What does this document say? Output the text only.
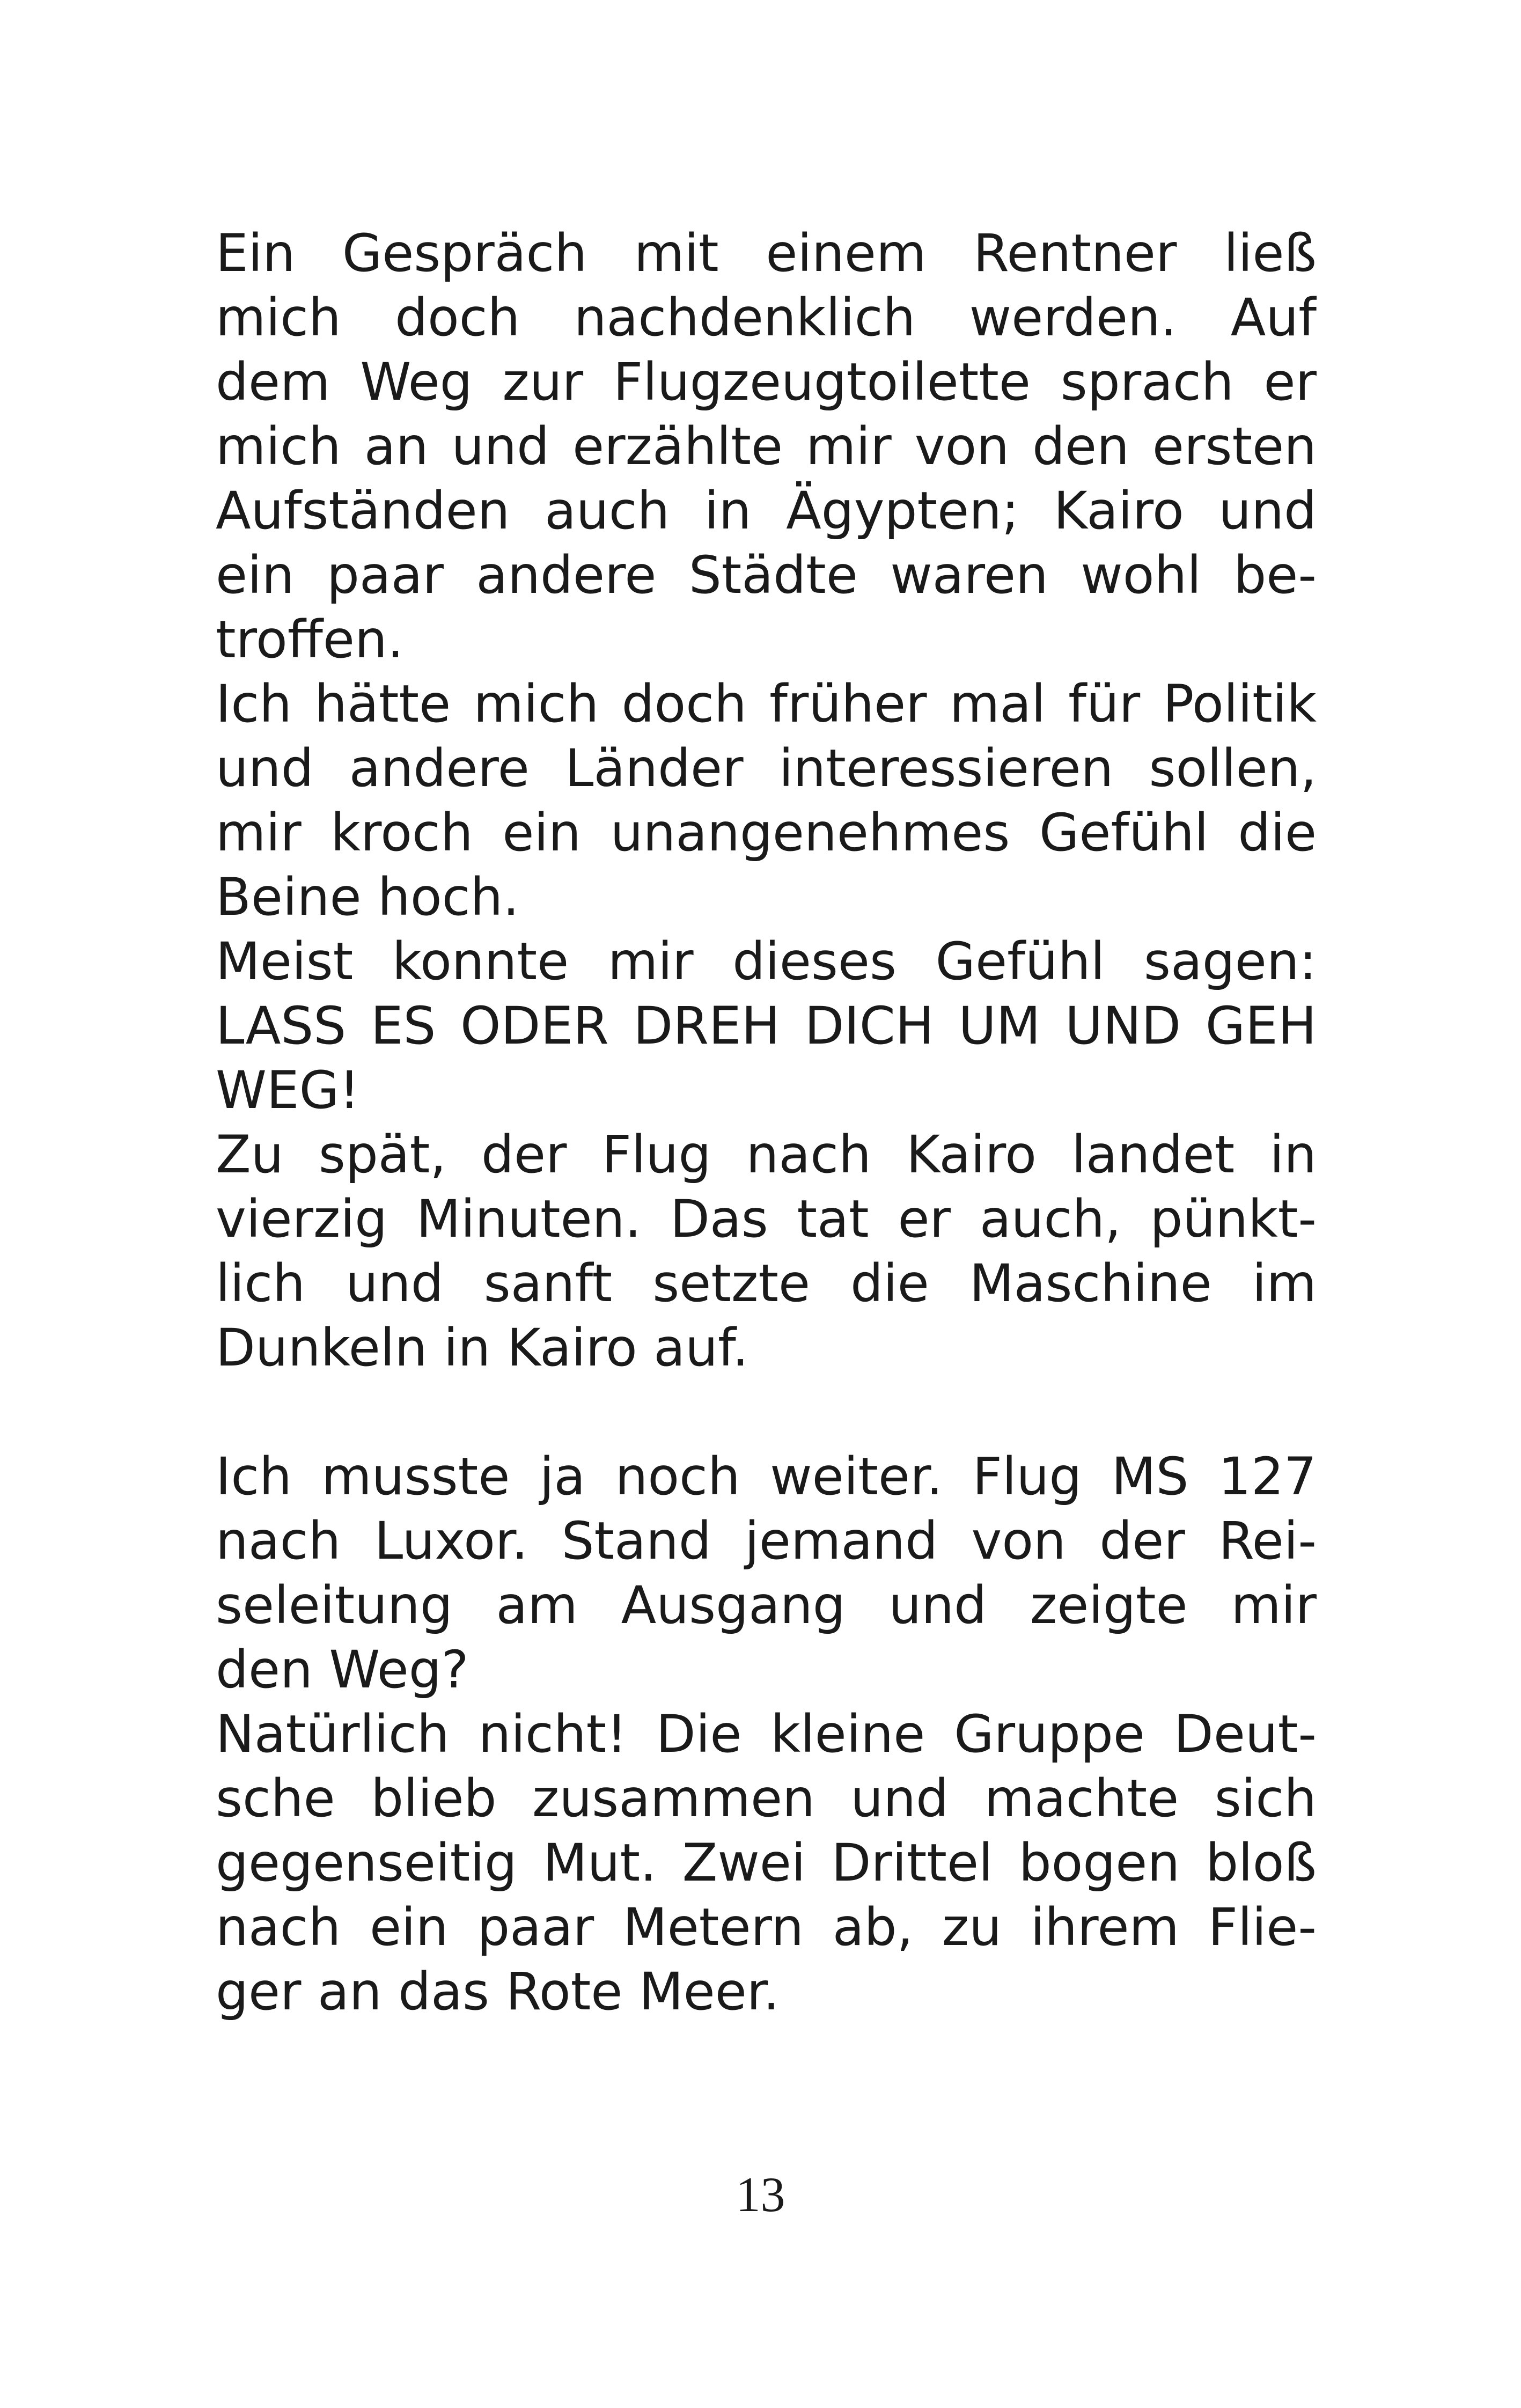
Ein Gespräch mit einem Rentner ließ
mich doch nachdenklich werden. Auf
dem Weg zur Flugzeugtoilette sprach er
mich an und erzählte mir von den ersten
Aufständen auch in Ägypten; Kairo und
ein paar andere Städte waren wohl be-
troffen.
Ich hätte mich doch früher mal für Politik
und andere Länder interessieren sollen,
mir kroch ein unangenehmes Gefühl die
Beine hoch.
Meist konnte mir dieses Gefühl sagen:
LASS ES ODER DREH DICH UM UND GEH
WEG!
Zu spät, der Flug nach Kairo landet in
vierzig Minuten. Das tat er auch, pünkt-
lich und sanft setzte die Maschine im
Dunkeln in Kairo auf.
Ich musste ja noch weiter. Flug MS 127
nach Luxor. Stand jemand von der Rei-
seleitung am Ausgang und zeigte mir
den Weg?
Natürlich nicht! Die kleine Gruppe Deut-
sche blieb zusammen und machte sich
gegenseitig Mut. Zwei Drittel bogen bloß
nach ein paar Metern ab, zu ihrem Flie-
ger an das Rote Meer.
13
